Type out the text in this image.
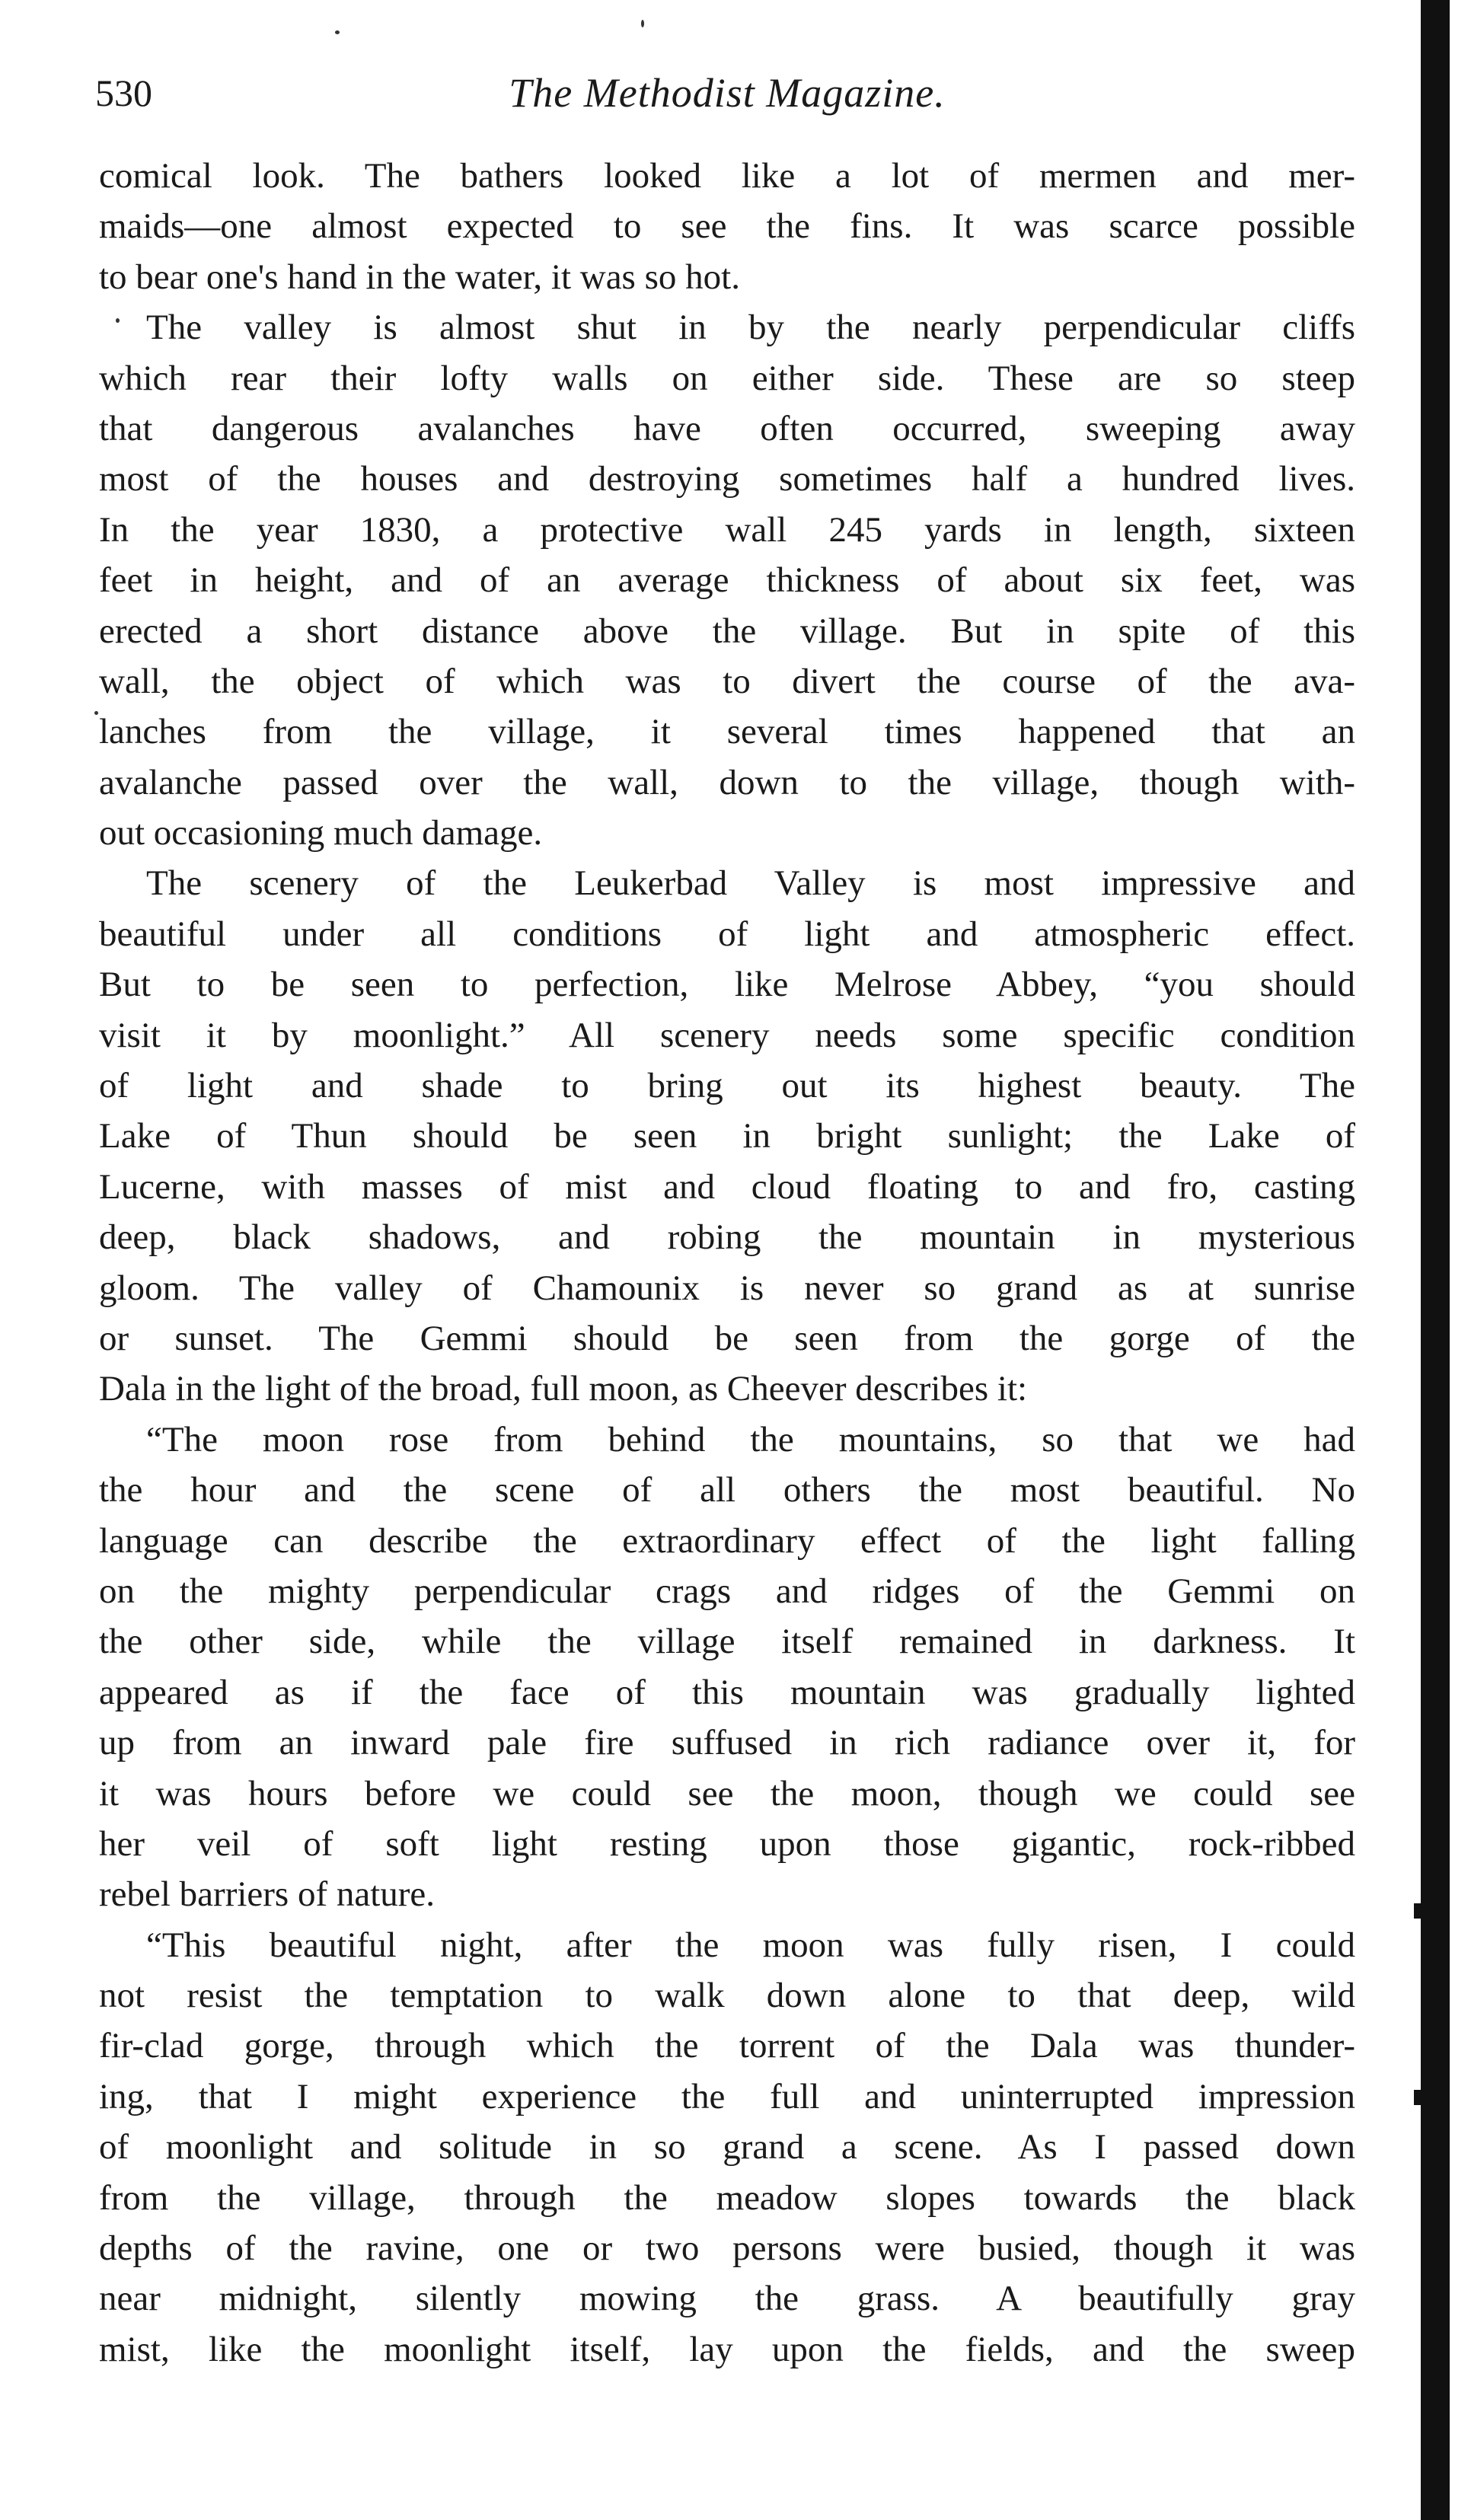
530	The Methodist Magazine.
comical look. The bathers looked like a lot of mermen and mer-
maids—one almost expected to see the fins. It was scarce possible
to bear one's hand in the water, it was so hot.
The valley is almost shut in by the nearly perpendicular cliffs
which rear their lofty walls on either side. These are so steep
that dangerous avalanches have often occurred, sweeping away
most of the houses and destroying sometimes half a hundred lives.
In the year 1830, a protective wall 245 yards in length, sixteen
feet in height, and of an average thickness of about six feet, was
erected a short distance above the village. But in spite of this
wall, the object of which was to divert the course of the ava-
lanches from the village, it several times happened that an
avalanche passed over the wall, down to the village, though with-
out occasioning much damage.
The scenery of the Leukerbad Valley is most impressive and
beautiful under all conditions of light and atmospheric effect.
But to be seen to perfection, like Melrose Abbey, “you should
visit it by moonlight.” All scenery needs some specific condition
of light and shade to bring out its highest beauty. The
Lake of Thun should be seen in bright sunlight; the Lake of
Lucerne, with masses of mist and cloud floating to and fro, casting
deep, black shadows, and robing the mountain in mysterious
gloom. The valley of Chamounix is never so grand as at sunrise
or sunset. The Gemmi should be seen from the gorge of the
Dala in the light of the broad, full moon, as Cheever describes it:
“The moon rose from behind the mountains, so that we had
the hour and the scene of all others the most beautiful. No
language can describe the extraordinary effect of the light falling
on the mighty perpendicular crags and ridges of the Gemmi on
the other side, while the village itself remained in darkness. It
appeared as if the face of this mountain was gradually lighted
up from an inward pale fire suffused in rich radiance over it, for
it was hours before we could see the moon, though we could see
her veil of soft light resting upon those gigantic, rock-ribbed
rebel barriers of nature.
“This beautiful night, after the moon was fully risen, I could
not resist the temptation to walk down alone to that deep, wild
fir-clad gorge, through which the torrent of the Dala was thunder-
ing, that I might experience the full and uninterrupted impression
of moonlight and solitude in so grand a scene. As I passed down
from the village, through the meadow slopes towards the black
depths of the ravine, one or two persons were busied, though it was
near midnight, silently mowing the grass. A beautifully gray
mist, like the moonlight itself, lay upon the fields, and the sweep
